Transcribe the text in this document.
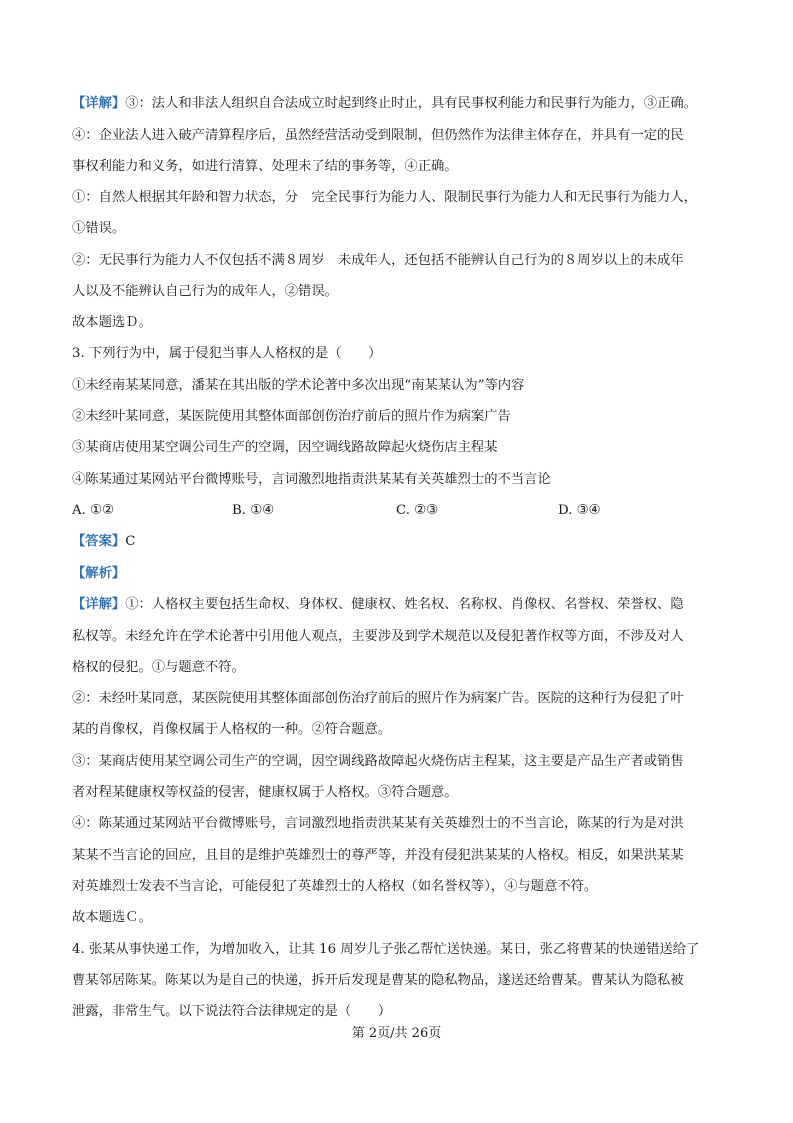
【详解】③：法人和非法人组织自合法成立时起到终止时止，具有民事权利能力和民事行为能力，③正确。
④：企业法人进入破产清算程序后，虽然经营活动受到限制，但仍然作为法律主体存在，并具有一定的民
事权利能力和义务，如进行清算、处理未了结的事务等，④正确。
①：自然人根据其年龄和智力状态，分　完全民事行为能力人、限制民事行为能力人和无民事行为能力人，
①错误。
②：无民事行为能力人不仅包括不满８周岁　未成年人，还包括不能辨认自己行为的８周岁以上的未成年
人以及不能辨认自己行为的成年人，②错误。
故本题选Ｄ。
3. 下列行为中，属于侵犯当事人人格权的是（　　）
①未经南某某同意，潘某在其出版的学术论著中多次出现“南某某认为”等内容
②未经叶某同意，某医院使用其整体面部创伤治疗前后的照片作为病案广告
③某商店使用某空调公司生产的空调，因空调线路故障起火烧伤店主程某
④陈某通过某网站平台微博账号，言词激烈地指责洪某某有关英雄烈士的不当言论
A. ①②	B. ①④	C. ②③	D. ③④
【答案】C
【解析】
【详解】①：人格权主要包括生命权、身体权、健康权、姓名权、名称权、肖像权、名誉权、荣誉权、隐
私权等。未经允许在学术论著中引用他人观点，主要涉及到学术规范以及侵犯著作权等方面，不涉及对人
格权的侵犯。①与题意不符。
②：未经叶某同意，某医院使用其整体面部创伤治疗前后的照片作为病案广告。医院的这种行为侵犯了叶
某的肖像权，肖像权属于人格权的一种。②符合题意。
③：某商店使用某空调公司生产的空调，因空调线路故障起火烧伤店主程某，这主要是产品生产者或销售
者对程某健康权等权益的侵害，健康权属于人格权。③符合题意。
④：陈某通过某网站平台微博账号，言词激烈地指责洪某某有关英雄烈士的不当言论，陈某的行为是对洪
某某不当言论的回应，且目的是维护英雄烈士的尊严等，并没有侵犯洪某某的人格权。相反，如果洪某某
对英雄烈士发表不当言论，可能侵犯了英雄烈士的人格权（如名誉权等），④与题意不符。
故本题选Ｃ。
4. 张某从事快递工作，为增加收入，让其 16 周岁儿子张乙帮忙送快递。某日，张乙将曹某的快递错送给了
曹某邻居陈某。陈某以为是自己的快递，拆开后发现是曹某的隐私物品，遂送还给曹某。曹某认为隐私被
泄露，非常生气。以下说法符合法律规定的是（　　）
第 2页/共 26页
